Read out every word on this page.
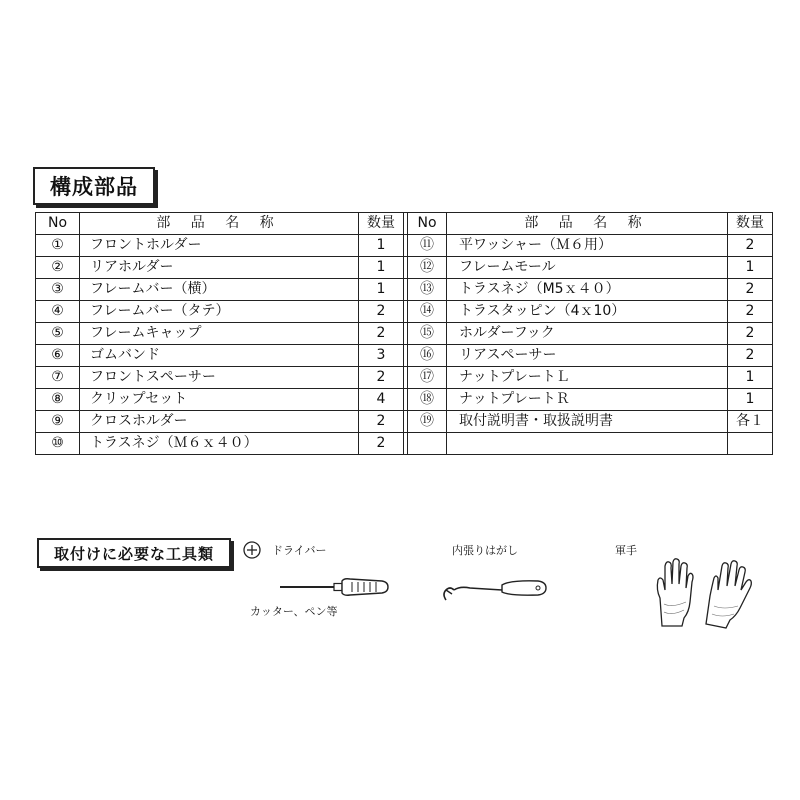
構成部品
No	部 品 名 称	数量		No	部 品 名 称	数量
①	フロントホルダー	1		⑪	平ワッシャー（Ｍ６用）	2
②	リアホルダー	1		⑫	フレームモール	1
③	フレームバー（横）	1		⑬	トラスネジ（M5ｘ４０）	2
④	フレームバー（タテ）	2		⑭	トラスタッピン（4ｘ10）	2
⑤	フレームキャップ	2		⑮	ホルダーフック	2
⑥	ゴムバンド	3		⑯	リアスペーサー	2
⑦	フロントスペーサー	2		⑰	ナットプレートＬ	1
⑧	クリップセット	4		⑱	ナットプレートＲ	1
⑨	クロスホルダー	2		⑲	取付説明書・取扱説明書	各１
⑩	トラスネジ（Ｍ６ｘ４０）	2				
取付けに必要な工具類	ドライバー
カッター、ペン等
内張りはがし	軍手
